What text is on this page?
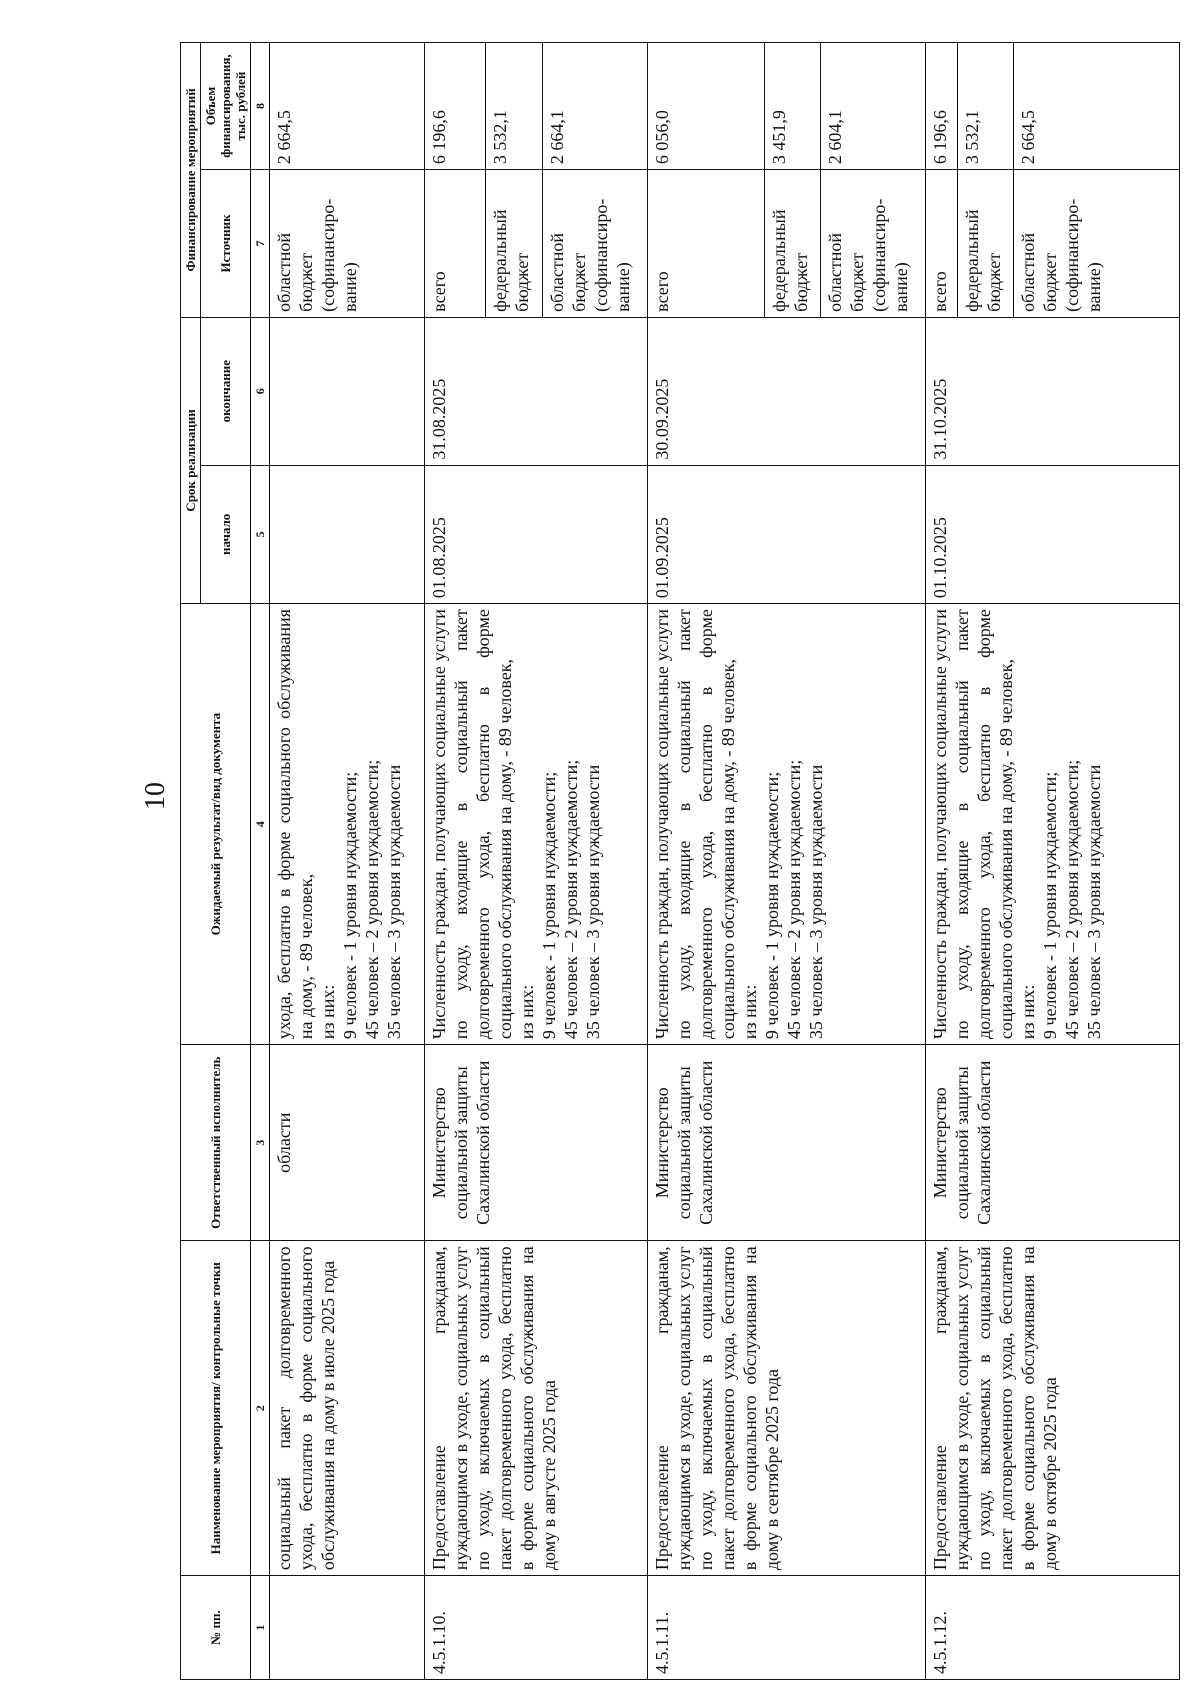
10
№ пп.	Наименование мероприятия/ контрольные точки	Ответственный исполнитель	Ожидаемый результат/вид документа	Срок реализации		Финансирование мероприятий	
				начало	окончание	Источник	Объем финансирования, тыс. рублей
1	2	3	4	5	6	7	8
	социальный пакет долговременного ухода, бесплатно в форме социального обслуживания на дому в июле 2025 года	области	ухода, бесплатно в форме социального обслуживания на дому, - 89 человек, из них: 9 человек - 1 уровня нуждаемости; 45 человек – 2 уровня нуждаемости; 35 человек – 3 уровня нуждаемости			областной бюджет (софинансиро-вание)	2 664,5
4.5.1.10.	Предоставление гражданам, нуждающимся в уходе, социальных услуг по уходу, включаемых в социальный пакет долговременного ухода, бесплатно в форме социального обслуживания на дому в августе 2025 года	Министерство социальной защиты Сахалинской области	Численность граждан, получающих социальные услуги по уходу, входящие в социальный пакет долговременного ухода, бесплатно в форме социального обслуживания на дому, - 89 человек, из них: 9 человек - 1 уровня нуждаемости; 45 человек – 2 уровня нуждаемости; 35 человек – 3 уровня нуждаемости	01.08.2025	31.08.2025	всего	6 196,6
						федеральный бюджет	3 532,1
						областной бюджет (софинансиро-вание)	2 664,1
4.5.1.11.	Предоставление гражданам, нуждающимся в уходе, социальных услуг по уходу, включаемых в социальный пакет долговременного ухода, бесплатно в форме социального обслуживания на дому в сентябре 2025 года	Министерство социальной защиты Сахалинской области	Численность граждан, получающих социальные услуги по уходу, входящие в социальный пакет долговременного ухода, бесплатно в форме социального обслуживания на дому, - 89 человек, из них: 9 человек - 1 уровня нуждаемости; 45 человек – 2 уровня нуждаемости; 35 человек – 3 уровня нуждаемости	01.09.2025	30.09.2025	всего	6 056,0
						федеральный бюджет	3 451,9
						областной бюджет (софинансиро-вание)	2 604,1
4.5.1.12.	Предоставление гражданам, нуждающимся в уходе, социальных услуг по уходу, включаемых в социальный пакет долговременного ухода, бесплатно в форме социального обслуживания на дому в октябре 2025 года	Министерство социальной защиты Сахалинской области	Численность граждан, получающих социальные услуги по уходу, входящие в социальный пакет долговременного ухода, бесплатно в форме социального обслуживания на дому, - 89 человек, из них: 9 человек - 1 уровня нуждаемости; 45 человек – 2 уровня нуждаемости; 35 человек – 3 уровня нуждаемости	01.10.2025	31.10.2025	всего	6 196,6
						федеральный бюджет	3 532,1
						областной бюджет (софинансиро-вание)	2 664,5
